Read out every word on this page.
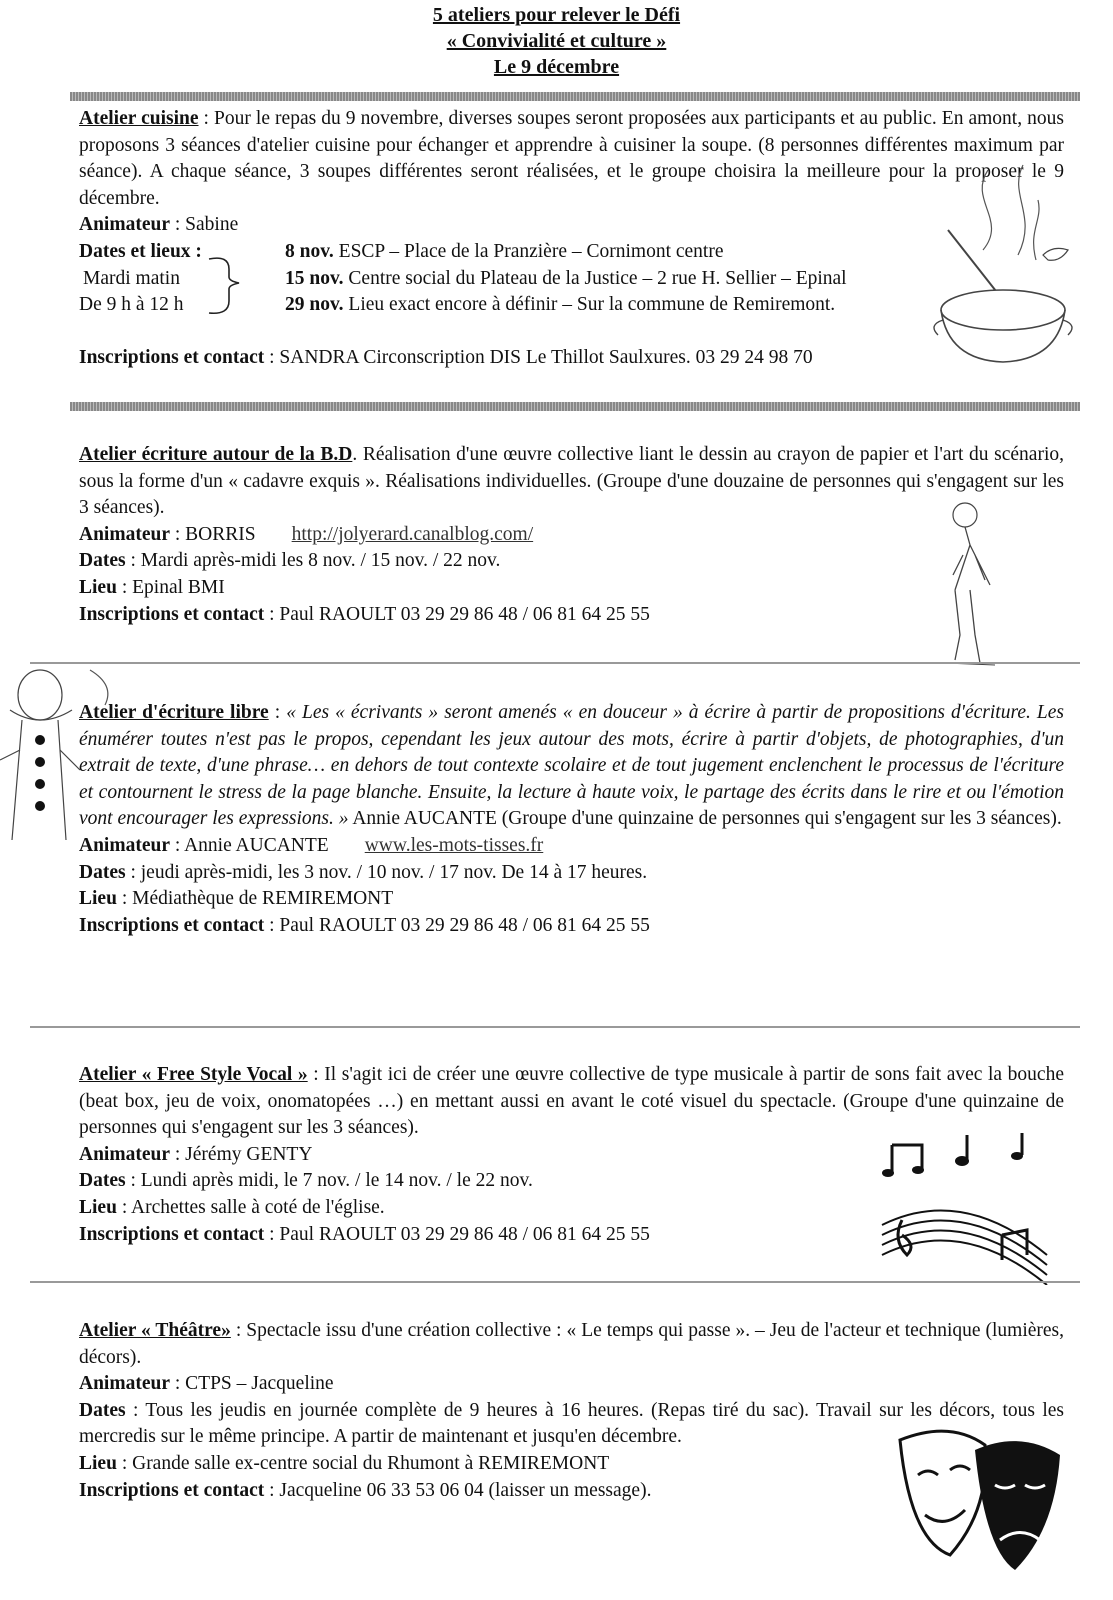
5 ateliers pour relever le Défi
« Convivialité et culture »
Le 9 décembre

Atelier cuisine : Pour le repas du 9 novembre, diverses soupes seront proposées aux participants et au public. En amont, nous proposons 3 séances d'atelier cuisine pour échanger et apprendre à cuisiner la soupe. (8 personnes différentes maximum par séance). A chaque séance, 3 soupes différentes seront réalisées, et le groupe choisira la meilleure pour la proposer le 9 décembre.

Animateur : Sabine

Dates et lieux :	8 nov. ESCP – Place de la Pranzière – Cornimont centre
Mardi matin	15 nov. Centre social du Plateau de la Justice – 2 rue H. Sellier – Epinal
De 9 h à 12 h	29 nov. Lieu exact encore à définir – Sur la commune de Remiremont.

Inscriptions et contact : SANDRA Circonscription DIS Le Thillot Saulxures. 03 29 24 98 70

Atelier écriture autour de la B.D. Réalisation d'une œuvre collective liant le dessin au crayon de papier et l'art du scénario, sous la forme d'un « cadavre exquis ». Réalisations individuelles. (Groupe d'une douzaine de personnes qui s'engagent sur les 3 séances).

Animateur : BORRIS http://jolyerard.canalblog.com/

Dates : Mardi après-midi les 8 nov. / 15 nov. / 22 nov.

Lieu : Epinal BMI

Inscriptions et contact : Paul RAOULT 03 29 29 86 48 / 06 81 64 25 55

Atelier d'écriture libre : « Les « écrivants » seront amenés « en douceur » à écrire à partir de propositions d'écriture. Les énumérer toutes n'est pas le propos, cependant les jeux autour des mots, écrire à partir d'objets, de photographies, d'un extrait de texte, d'une phrase… en dehors de tout contexte scolaire et de tout jugement enclenchent le processus de l'écriture et contournent le stress de la page blanche. Ensuite, la lecture à haute voix, le partage des écrits dans le rire et ou l'émotion vont encourager les expressions. » Annie AUCANTE (Groupe d'une quinzaine de personnes qui s'engagent sur les 3 séances).

Animateur : Annie AUCANTE www.les-mots-tisses.fr

Dates : jeudi après-midi, les 3 nov. / 10 nov. / 17 nov. De 14 à 17 heures.

Lieu : Médiathèque de REMIREMONT

Inscriptions et contact : Paul RAOULT 03 29 29 86 48 / 06 81 64 25 55

Atelier « Free Style Vocal » : Il s'agit ici de créer une œuvre collective de type musicale à partir de sons fait avec la bouche (beat box, jeu de voix, onomatopées …) en mettant aussi en avant le coté visuel du spectacle. (Groupe d'une quinzaine de personnes qui s'engagent sur les 3 séances).

Animateur : Jérémy GENTY

Dates : Lundi après midi, le 7 nov. / le 14 nov. / le 22 nov.

Lieu : Archettes salle à coté de l'église.

Inscriptions et contact : Paul RAOULT 03 29 29 86 48 / 06 81 64 25 55

Atelier « Théâtre» : Spectacle issu d'une création collective : « Le temps qui passe ». – Jeu de l'acteur et technique (lumières, décors).

Animateur : CTPS – Jacqueline

Dates : Tous les jeudis en journée complète de 9 heures à 16 heures. (Repas tiré du sac). Travail sur les décors, tous les mercredis sur le même principe. A partir de maintenant et jusqu'en décembre.

Lieu : Grande salle ex-centre social du Rhumont à REMIREMONT

Inscriptions et contact : Jacqueline 06 33 53 06 04 (laisser un message).
